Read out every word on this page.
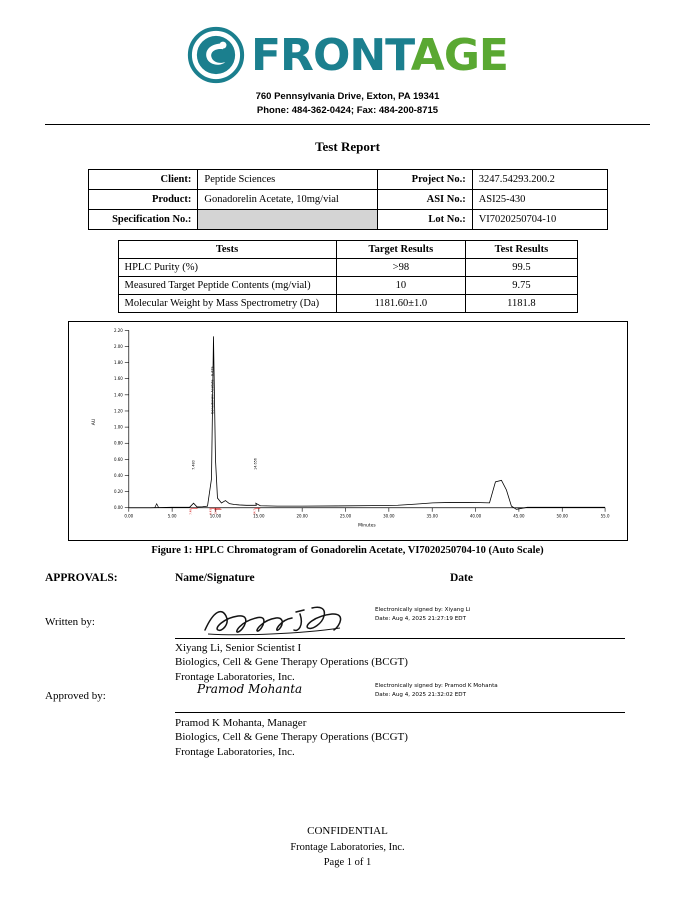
FRONTAGE
760 Pennsylvania Drive, Exton, PA 19341
Phone: 484-362-0424; Fax: 484-200-8715
Test Report
Client:	Peptide Sciences	Project No.:	3247.54293.200.2
Product:	Gonadorelin Acetate, 10mg/vial	ASI No.:	ASI25-430
Specification No.:		Lot No.:	VI7020250704-10
Tests	Target Results	Test Results
HPLC Purity (%)	>98	99.5
Measured Target Peptide Contents (mg/vial)	10	9.75
Molecular Weight by Mass Spectrometry (Da)	1181.60±1.0	1181.8
0.00
0.20
0.40
0.60
0.80
1.00
1.20
1.40
1.60
1.80
2.00
2.20
AU
0.00	5.00	10.00	15.00	20.00	25.00	30.00	35.00	40.00	45.00	50.00	55.0
Minutes
7.480
Gonadorelin Acetate - 9.429
14.656
7.48	9.43 10.0	14.7
Figure 1: HPLC Chromatogram of Gonadorelin Acetate, VI7020250704-10 (Auto Scale)
APPROVALS:	Name/Signature	Date
Written by:
Electronically signed by: Xiyang Li
Date: Aug 4, 2025 21:27:19 EDT
Xiyang Li, Senior Scientist I
Biologics, Cell & Gene Therapy Operations (BCGT)
Frontage Laboratories, Inc.
Approved by:	Pramod Mohanta	Electronically signed by: Pramod K Mohanta
Date: Aug 4, 2025 21:32:02 EDT
Pramod K Mohanta, Manager
Biologics, Cell & Gene Therapy Operations (BCGT)
Frontage Laboratories, Inc.
CONFIDENTIAL
Frontage Laboratories, Inc.
Page 1 of 1
